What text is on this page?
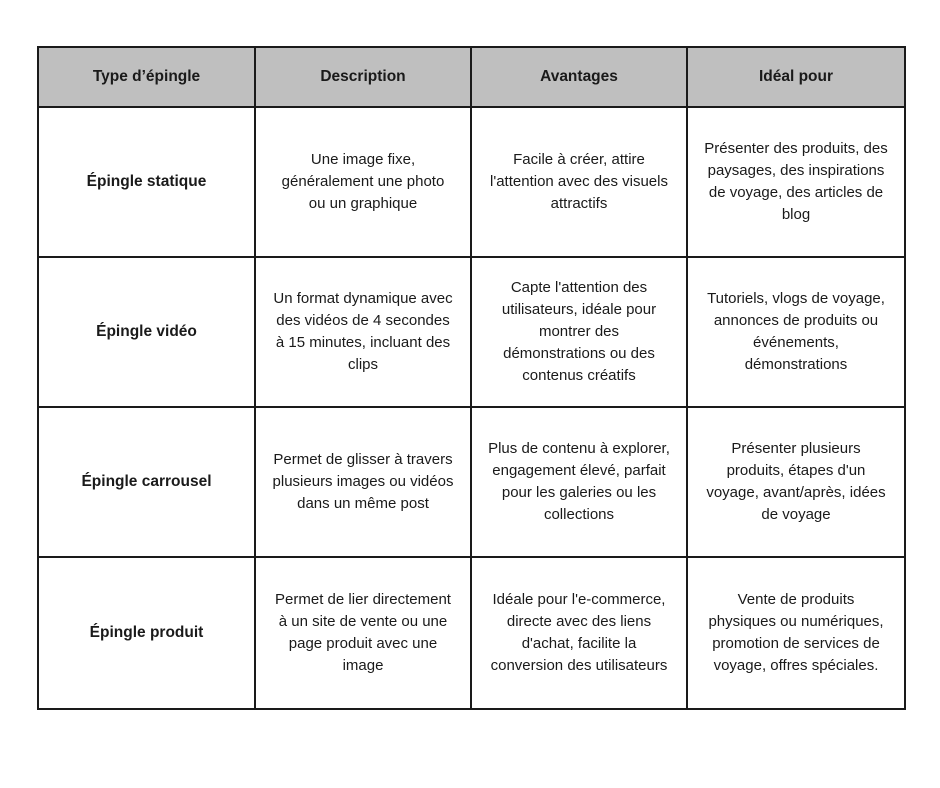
Type d’épingle	Description	Avantages	Idéal pour
Épingle statique	Une image fixe, généralement une photo ou un graphique	Facile à créer, attire l'attention avec des visuels attractifs	Présenter des produits, des paysages, des inspirations de voyage, des articles de blog
Épingle vidéo	Un format dynamique avec des vidéos de 4 secondes à 15 minutes, incluant des clips	Capte l'attention des utilisateurs, idéale pour montrer des démonstrations ou des contenus créatifs	Tutoriels, vlogs de voyage, annonces de produits ou événements, démonstrations
Épingle carrousel	Permet de glisser à travers plusieurs images ou vidéos dans un même post	Plus de contenu à explorer, engagement élevé, parfait pour les galeries ou les collections	Présenter plusieurs produits, étapes d'un voyage, avant/après, idées de voyage
Épingle produit	Permet de lier directement à un site de vente ou une page produit avec une image	Idéale pour l'e-commerce, directe avec des liens d'achat, facilite la conversion des utilisateurs	Vente de produits physiques ou numériques, promotion de services de voyage, offres spéciales.
